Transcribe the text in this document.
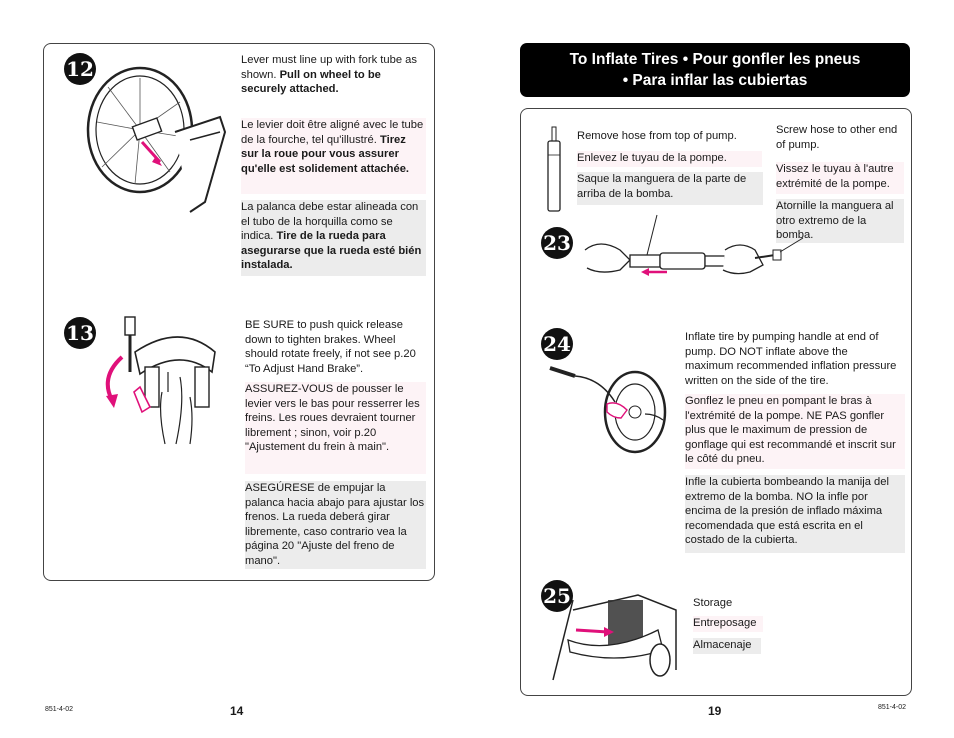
12	Lever must line up with fork tube as shown. Pull on wheel to be securely attached.
Le levier doit être aligné avec le tube de la fourche, tel qu'illustré. Tirez sur la roue pour vous assurer qu'elle est solidement attachée.
La palanca debe estar alineada con el tubo de la horquilla como se indica. Tire de la rueda para asegurarse que la rueda esté bién instalada.
13	BE SURE to push quick release down to tighten brakes. Wheel should rotate freely, if not see p.20 “To Adjust Hand Brake”.
ASSUREZ-VOUS de pousser le levier vers le bas pour resserrer les freins. Les roues devraient tourner librement ; sinon, voir p.20 "Ajustement du frein à main".
ASEGÚRESE de empujar la palanca hacia abajo para ajustar los frenos. La rueda deberá girar libremente, caso contrario vea la página 20 "Ajuste del freno de mano".
851-4-02	14
To Inflate Tires • Pour gonfler les pneus
• Para inflar las cubiertas
Remove hose from top of pump.
Enlevez le tuyau de la pompe.
Saque la manguera de la parte de arriba de la bomba.
Screw hose to other end of pump.
Vissez le tuyau à l'autre extrémité de la pompe.
Atornille la manguera al otro extremo de la bomba.
23
24	Inflate tire by pumping handle at end of pump. DO NOT inflate above the maximum recommended inflation pressure written on the side of the tire.
Gonflez le pneu en pompant le bras à l'extrémité de la pompe. NE PAS gonfler plus que le maximum de pression de gonflage qui est recommandé et inscrit sur le côté du pneu.
Infle la cubierta bombeando la manija del extremo de la bomba. NO la infle por encima de la presión de inflado máxima recomendada que está escrita en el costado de la cubierta.
25	Storage
Entreposage
Almacenaje
19	851-4-02
